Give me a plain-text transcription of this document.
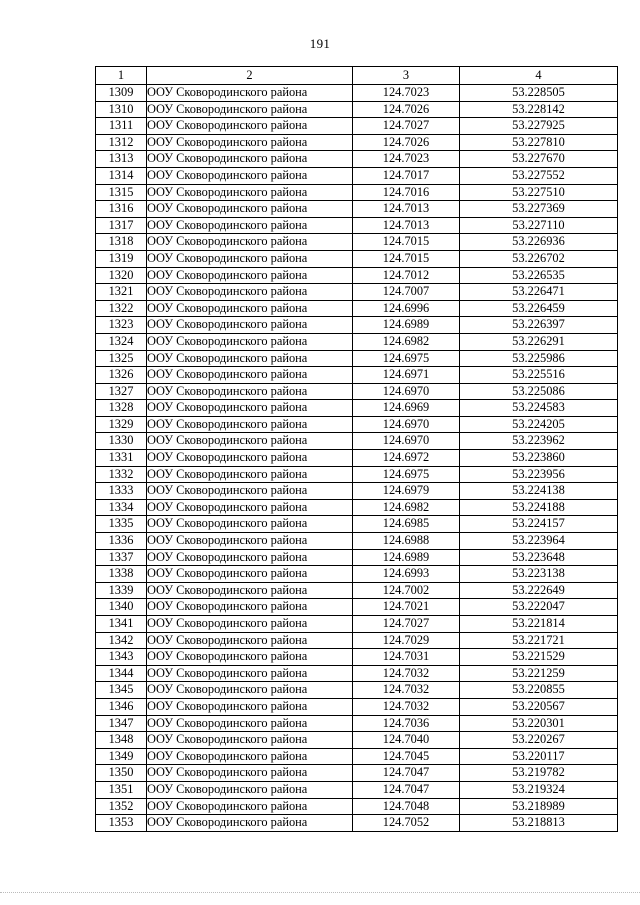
191
1	2	3	4
1309	ООУ Сковородинского района	124.7023	53.228505
1310	ООУ Сковородинского района	124.7026	53.228142
1311	ООУ Сковородинского района	124.7027	53.227925
1312	ООУ Сковородинского района	124.7026	53.227810
1313	ООУ Сковородинского района	124.7023	53.227670
1314	ООУ Сковородинского района	124.7017	53.227552
1315	ООУ Сковородинского района	124.7016	53.227510
1316	ООУ Сковородинского района	124.7013	53.227369
1317	ООУ Сковородинского района	124.7013	53.227110
1318	ООУ Сковородинского района	124.7015	53.226936
1319	ООУ Сковородинского района	124.7015	53.226702
1320	ООУ Сковородинского района	124.7012	53.226535
1321	ООУ Сковородинского района	124.7007	53.226471
1322	ООУ Сковородинского района	124.6996	53.226459
1323	ООУ Сковородинского района	124.6989	53.226397
1324	ООУ Сковородинского района	124.6982	53.226291
1325	ООУ Сковородинского района	124.6975	53.225986
1326	ООУ Сковородинского района	124.6971	53.225516
1327	ООУ Сковородинского района	124.6970	53.225086
1328	ООУ Сковородинского района	124.6969	53.224583
1329	ООУ Сковородинского района	124.6970	53.224205
1330	ООУ Сковородинского района	124.6970	53.223962
1331	ООУ Сковородинского района	124.6972	53.223860
1332	ООУ Сковородинского района	124.6975	53.223956
1333	ООУ Сковородинского района	124.6979	53.224138
1334	ООУ Сковородинского района	124.6982	53.224188
1335	ООУ Сковородинского района	124.6985	53.224157
1336	ООУ Сковородинского района	124.6988	53.223964
1337	ООУ Сковородинского района	124.6989	53.223648
1338	ООУ Сковородинского района	124.6993	53.223138
1339	ООУ Сковородинского района	124.7002	53.222649
1340	ООУ Сковородинского района	124.7021	53.222047
1341	ООУ Сковородинского района	124.7027	53.221814
1342	ООУ Сковородинского района	124.7029	53.221721
1343	ООУ Сковородинского района	124.7031	53.221529
1344	ООУ Сковородинского района	124.7032	53.221259
1345	ООУ Сковородинского района	124.7032	53.220855
1346	ООУ Сковородинского района	124.7032	53.220567
1347	ООУ Сковородинского района	124.7036	53.220301
1348	ООУ Сковородинского района	124.7040	53.220267
1349	ООУ Сковородинского района	124.7045	53.220117
1350	ООУ Сковородинского района	124.7047	53.219782
1351	ООУ Сковородинского района	124.7047	53.219324
1352	ООУ Сковородинского района	124.7048	53.218989
1353	ООУ Сковородинского района	124.7052	53.218813
